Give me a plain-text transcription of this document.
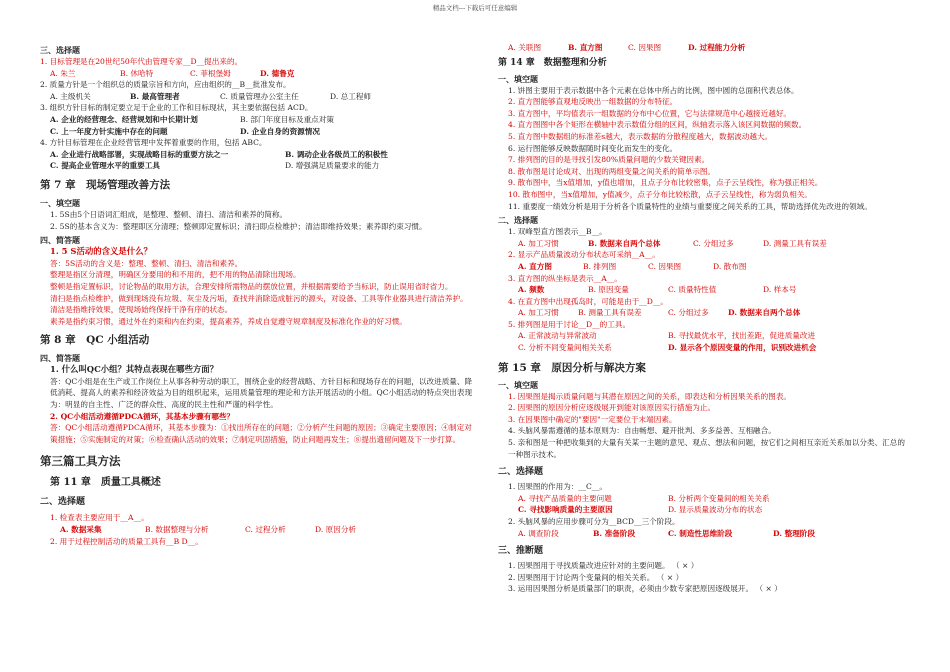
精品文档---下载后可任意编辑
三、选择题
1. 目标管理是在20世纪50年代由管理专家__D__提出来的。
A. 朱兰	B. 休哈特	C. 菲根堡姆	D. 德鲁克
2. 质量方针是一个组织总的质量宗旨和方向，应由组织的__B__批准发布。
A. 主级机关	B. 最高管理者	C. 质量管理办公室主任	D. 总工程师
3. 组织方针目标的制定要立足于企业的工作和目标现状，其主要依据包括 ACD。
A. 企业的经营理念、经营规划和中长期计划	B. 部门年度目标及重点对策
C. 上一年度方针实施中存在的问题	D. 企业自身的资源情况
4. 方针目标管理在企业经营管理中发挥着重要的作用，包括 ABC。
A. 企业进行战略部署，实现战略目标的重要方法之一	B. 调动企业各级员工的积极性
C. 提高企业管理水平的重要工具	D. 增强满足质量要求的能力
第 7 章　现场管理改善方法
一、填空题
1. 5S由5个日语词汇组成，是整理、整顿、清扫、清洁和素养的简称。
2. 5S的基本含义为：整理即区分清理；整顿即定置标识；清扫即点检维护；清洁即维持效果；素养即约束习惯。
四、简答题
1. 5 S活动的含义是什么？
答：5S活动的含义是：整理、整顿、清扫、清洁和素养。
整理是指区分清理，明确区分要用的和不用的，把不用的物品清除出现场。
整顿是指定置标识，讨论物品的取用方法，合理安排所需物品的摆放位置，并根据需要给予当标识，防止误用省时省力。
清扫是指点检维护，做到现场没有垃圾、灰尘及污垢，查找并消除造成脏污的源头，对设备、工具等作业器具进行清洁养护。
清洁是指维持效果，使现场始终保持干净有序的状态。
素养是指约束习惯，通过外在约束和内在约束，提高素养，养成自觉遵守规章制度及标准化作业的好习惯。
第 8 章　QC 小组活动
四、简答题
1. 什么叫QC小组？其特点表现在哪些方面？
答：QC小组是在生产或工作岗位上从事各种劳动的职工，围绕企业的经营战略、方针目标和现场存在的问题，以改进质量、降低消耗、提高人的素养和经济效益为目的组织起来，运用质量管理的理论和方法开展活动的小组。QC小组活动的特点突出表现为：明显的自主性、广泛的群众性、高度的民主性和严谨的科学性。
2. QC小组活动遵循PDCA循环，其基本步骤有哪些？
答：QC小组活动遵循PDCA循环，其基本步骤为：①找出所存在的问题；②分析产生问题的原因；③确定主要原因；④制定对策措施；⑤实施制定的对策；⑥检查确认活动的效果；⑦制定巩固措施，防止问题再发生；⑧提出遗留问题及下一步打算。
第三篇工具方法
第 11 章　质量工具概述
二、选择题
1. 检查表主要应用于__A__。
A. 数据采集	B. 数据整理与分析	C. 过程分析	D. 原因分析
2. 用于过程控制活动的质量工具有__B D__。
A. 关联图	B. 直方图	C. 因果图	D. 过程能力分析
第 14 章　数据整理和分析
一、填空题
1. 饼图主要用于表示数据中各个元素在总体中所占的比例，图中圆的总面积代表总体。
2. 直方图能够直观地反映出一组数据的分布特征。
3. 直方图中，平均值表示一组数据的分布中心位置，它与法律规范中心越接近越好。
4. 直方图图中各个矩形在横轴中表示数值分组的区间，纵轴表示落入该区间数据的频数。
5. 直方图中数据组的标准差s越大，表示数据的分散程度越大，数据波动越大。
6. 运行图能够反映数据随时间变化而发生的变化。
7. 排列图的目的是寻找引发80%质量问题的少数关键因素。
8. 散布图是讨论成对、出现的两组变量之间关系的简单示图。
9. 散布图中，当x值增加，y值也增加，且点子分布比较密集，点子云呈线性，称为强正相关。
10. 散布图中，当x值增加，y值减少，点子分布比较松散，点子云呈线性，称为弱负相关。
11. 重要度一绩效分析是用于分析各个质量特性的业绩与重要度之间关系的工具，帮助选择优先改进的领域。
二、选择题
1. 双峰型直方图表示__B__。
A. 加工习惯	B. 数据来自两个总体	C. 分组过多	D. 测量工具有误差
2. 显示产品质量波动分布状态可采纳__A__。
A. 直方图	B. 排列图	C. 因果图	D. 散布图
3. 直方图的纵坐标是表示__A__。
A. 频数	B. 原因变量	C. 质量特性值	D. 样本号
4. 在直方图中出现孤岛时，可能是由于__D__。
A. 加工习惯	B. 测量工具有误差	C. 分组过多	D. 数据来自两个总体
5. 排列图是用于讨论__D__的工具。
A. 正常波动与异常波动	B. 寻找最优水平，找出差距，促进质量改进
C. 分析不同变量间相关关系	D. 显示各个原因变量的作用，识别改进机会
第 15 章　原因分析与解决方案
一、填空题
1. 因果图是揭示质量问题与其潜在原因之间的关系，即表达和分析因果关系的图表。
2. 因果图的原因分析应逐级展开到能对该原因实行措施为止。
3. 在因果图中确定的"要因"一定要位于末端因素。
4. 头脑风暴需遵循的基本原则为：自由畅想、避开批判、多多益善、互相融合。
5. 亲和图是一种把收集到的大量有关某一主题的意见、观点、想法和问题，按它们之间相互亲近关系加以分类、汇总的一种图示技术。
二、选择题
1. 因果图的作用为：__C__。
A. 寻找产品质量的主要问题	B. 分析两个变量间的相关关系
C. 寻找影响质量的主要原因	D. 显示质量波动分布的状态
2. 头脑风暴的应用步骤可分为__BCD__三个阶段。
A. 调查阶段	B. 准备阶段	C. 制造性思维阶段	D. 整理阶段
三、推断题
1. 因果图用于寻找质量改进应针对的主要问题。 （ × ）
2. 因果图用于讨论两个变量间的相关关系。 （ × ）
3. 运用因果图分析是质量部门的职责，必须由少数专家把原因逐级展开。 （ × ）
